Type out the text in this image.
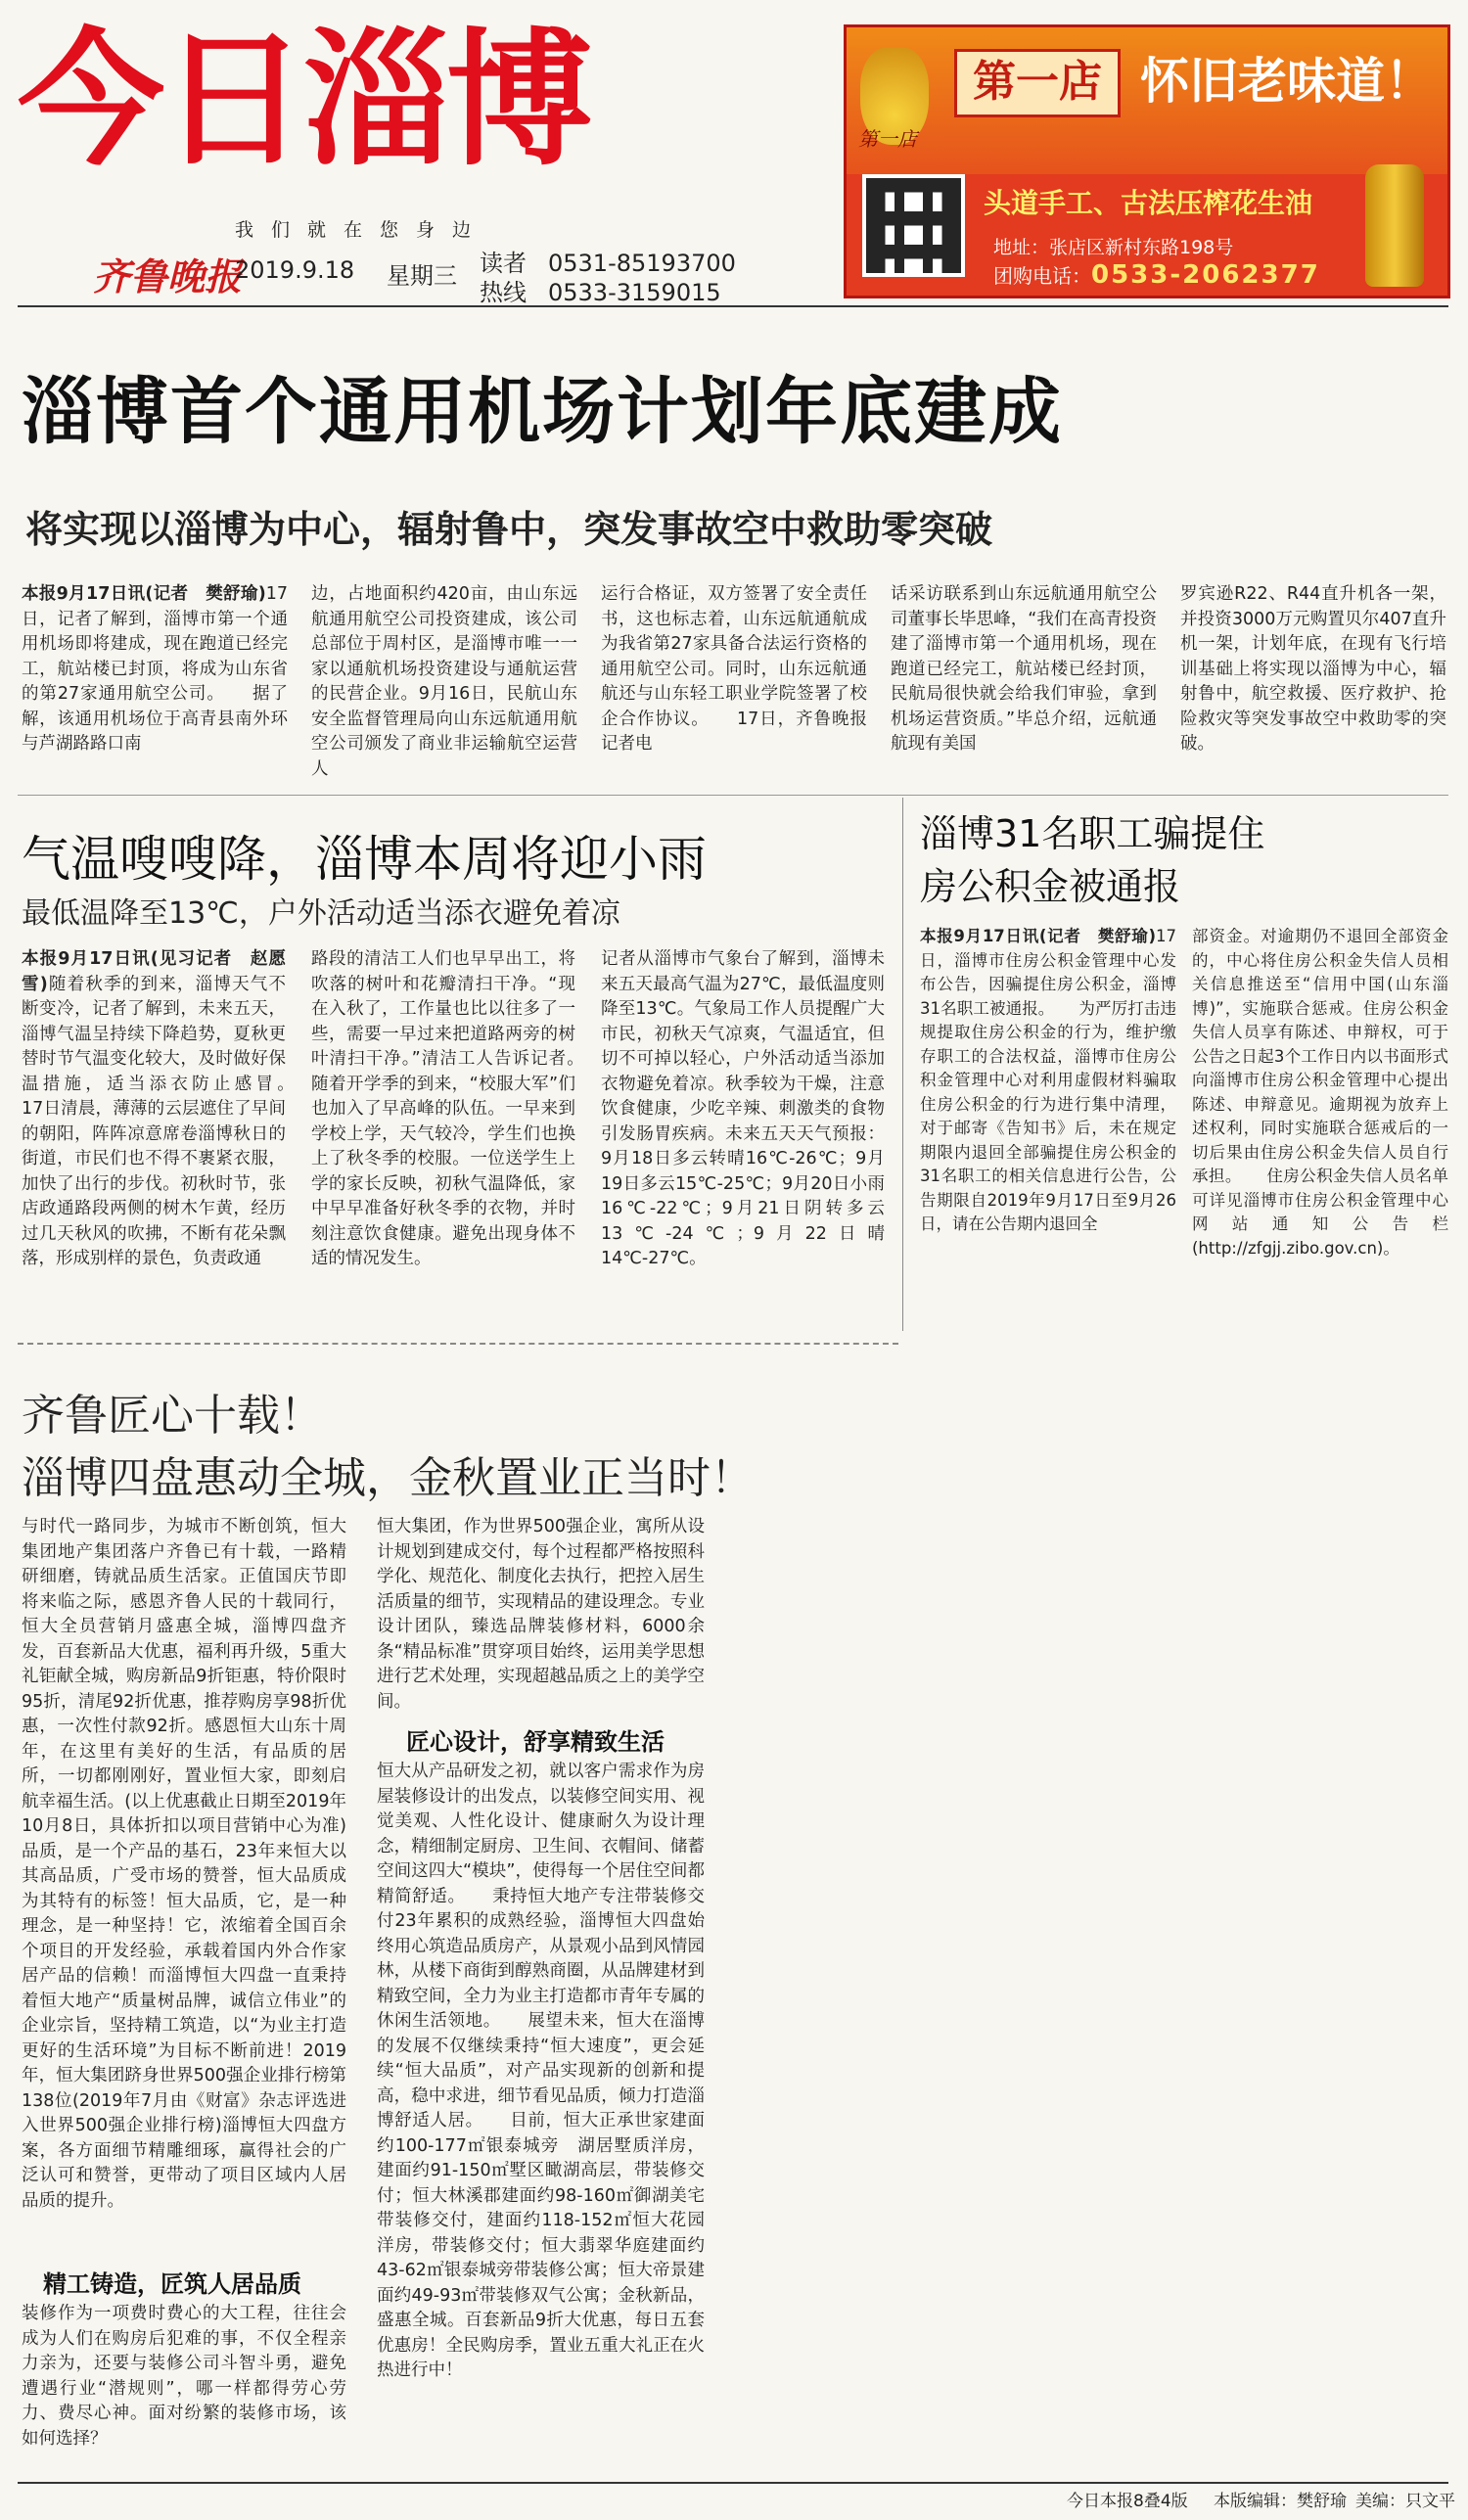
今日淄博
我们就在您身边
齐鲁晚报
2019.9.18 星期三 读者热线
0531-85193700
0533-3159015
第一店
第一店 怀旧老味道！
头道手工、古法压榨花生油
地址：张店区新村东路198号
团购电话：0533-2062377
淄博首个通用机场计划年底建成
将实现以淄博为中心，辐射鲁中，突发事故空中救助零突破
本报9月17日讯(记者　樊舒瑜)17日，记者了解到，淄博市第一个通用机场即将建成，现在跑道已经完工，航站楼已封顶，将成为山东省的第27家通用航空公司。　　据了解，该通用机场位于高青县南外环与芦湖路路口南
边，占地面积约420亩，由山东远航通用航空公司投资建成，该公司总部位于周村区，是淄博市唯一一家以通航机场投资建设与通航运营的民营企业。9月16日，民航山东安全监督管理局向山东远航通用航空公司颁发了商业非运输航空运营人
运行合格证，双方签署了安全责任书，这也标志着，山东远航通航成为我省第27家具备合法运行资格的通用航空公司。同时，山东远航通航还与山东轻工职业学院签署了校企合作协议。　　17日，齐鲁晚报记者电
话采访联系到山东远航通用航空公司董事长毕思峰，“我们在高青投资建了淄博市第一个通用机场，现在跑道已经完工，航站楼已经封顶，民航局很快就会给我们审验，拿到机场运营资质。”毕总介绍，远航通航现有美国
罗宾逊R22、R44直升机各一架，并投资3000万元购置贝尔407直升机一架，计划年底，在现有飞行培训基础上将实现以淄博为中心，辐射鲁中，航空救援、医疗救护、抢险救灾等突发事故空中救助零的突破。
气温嗖嗖降，淄博本周将迎小雨
最低温降至13℃，户外活动适当添衣避免着凉
本报9月17日讯(见习记者　赵愿雪)随着秋季的到来，淄博天气不断变冷，记者了解到，未来五天，淄博气温呈持续下降趋势，夏秋更替时节气温变化较大，及时做好保温措施，适当添衣防止感冒。　　17日清晨，薄薄的云层遮住了早间的朝阳，阵阵凉意席卷淄博秋日的街道，市民们也不得不裹紧衣服，加快了出行的步伐。初秋时节，张店政通路段两侧的树木乍黄，经历过几天秋风的吹拂，不断有花朵飘落，形成别样的景色，负责政通
路段的清洁工人们也早早出工，将吹落的树叶和花瓣清扫干净。“现在入秋了，工作量也比以往多了一些，需要一早过来把道路两旁的树叶清扫干净。”清洁工人告诉记者。　　随着开学季的到来，“校服大军”们也加入了早高峰的队伍。一早来到学校上学，天气较冷，学生们也换上了秋冬季的校服。一位送学生上学的家长反映，初秋气温降低，家中早早准备好秋冬季的衣物，并时刻注意饮食健康。避免出现身体不适的情况发生。
记者从淄博市气象台了解到，淄博未来五天最高气温为27℃，最低温度则降至13℃。气象局工作人员提醒广大市民，初秋天气凉爽，气温适宜，但切不可掉以轻心，户外活动适当添加衣物避免着凉。秋季较为干燥，注意饮食健康，少吃辛辣、刺激类的食物引发肠胃疾病。未来五天天气预报：9月18日多云转晴16℃-26℃；9月19日多云15℃-25℃；9月20日小雨16℃-22℃；9月21日阴转多云13℃-24℃；9月22日晴14℃-27℃。
淄博31名职工骗提住房公积金被通报
本报9月17日讯(记者　樊舒瑜)17日，淄博市住房公积金管理中心发布公告，因骗提住房公积金，淄博31名职工被通报。　　为严厉打击违规提取住房公积金的行为，维护缴存职工的合法权益，淄博市住房公积金管理中心对利用虚假材料骗取住房公积金的行为进行集中清理，对于邮寄《告知书》后，未在规定期限内退回全部骗提住房公积金的31名职工的相关信息进行公告，公告期限自2019年9月17日至9月26日，请在公告期内退回全
部资金。对逾期仍不退回全部资金的，中心将住房公积金失信人员相关信息推送至“信用中国(山东淄博)”，实施联合惩戒。住房公积金失信人员享有陈述、申辩权，可于公告之日起3个工作日内以书面形式向淄博市住房公积金管理中心提出陈述、申辩意见。逾期视为放弃上述权利，同时实施联合惩戒后的一切后果由住房公积金失信人员自行承担。　　住房公积金失信人员名单可详见淄博市住房公积金管理中心网站通知公告栏(http://zfgjj.zibo.gov.cn)。
齐鲁匠心十载！
淄博四盘惠动全城，金秋置业正当时！
与时代一路同步，为城市不断创筑，恒大集团地产集团落户齐鲁已有十载，一路精研细磨，铸就品质生活家。正值国庆节即将来临之际，感恩齐鲁人民的十载同行，恒大全员营销月盛惠全城，淄博四盘齐发，百套新品大优惠，福利再升级，5重大礼钜献全城，购房新品9折钜惠，特价限时95折，清尾92折优惠，推荐购房享98折优惠，一次性付款92折。感恩恒大山东十周年，在这里有美好的生活，有品质的居所，一切都刚刚好，置业恒大家，即刻启航幸福生活。(以上优惠截止日期至2019年10月8日，具体折扣以项目营销中心为准)　　品质，是一个产品的基石，23年来恒大以其高品质，广受市场的赞誉，恒大品质成为其特有的标签！恒大品质，它，是一种理念，是一种坚持！它，浓缩着全国百余个项目的开发经验，承载着国内外合作家居产品的信赖！而淄博恒大四盘一直秉持着恒大地产“质量树品牌，诚信立伟业”的企业宗旨，坚持精工筑造，以“为业主打造更好的生活环境”为目标不断前进！2019年，恒大集团跻身世界500强企业排行榜第138位(2019年7月由《财富》杂志评选进入世界500强企业排行榜)淄博恒大四盘方案，各方面细节精雕细琢，赢得社会的广泛认可和赞誉，更带动了项目区域内人居品质的提升。
精工铸造，匠筑人居品质
装修作为一项费时费心的大工程，往往会成为人们在购房后犯难的事，不仅全程亲力亲为，还要与装修公司斗智斗勇，避免遭遇行业“潜规则”，哪一样都得劳心劳力、费尽心神。面对纷繁的装修市场，该如何选择？
恒大集团，作为世界500强企业，寓所从设计规划到建成交付，每个过程都严格按照科学化、规范化、制度化去执行，把控入居生活质量的细节，实现精品的建设理念。专业设计团队，臻选品牌装修材料，6000余条“精品标准”贯穿项目始终，运用美学思想进行艺术处理，实现超越品质之上的美学空间。
匠心设计，舒享精致生活
恒大从产品研发之初，就以客户需求作为房屋装修设计的出发点，以装修空间实用、视觉美观、人性化设计、健康耐久为设计理念，精细制定厨房、卫生间、衣帽间、储蓄空间这四大“模块”，使得每一个居住空间都精简舒适。　　秉持恒大地产专注带装修交付23年累积的成熟经验，淄博恒大四盘始终用心筑造品质房产，从景观小品到风情园林，从楼下商街到醇熟商圈，从品牌建材到精致空间，全力为业主打造都市青年专属的休闲生活领地。　　展望未来，恒大在淄博的发展不仅继续秉持“恒大速度”，更会延续“恒大品质”，对产品实现新的创新和提高，稳中求进，细节看见品质，倾力打造淄博舒适人居。　　目前，恒大正承世家建面约100-177㎡银泰城旁　湖居墅质洋房，建面约91-150㎡墅区瞰湖高层，带装修交付；恒大林溪郡建面约98-160㎡御湖美宅　带装修交付，建面约118-152㎡恒大花园洋房，带装修交付；恒大翡翠华庭建面约43-62㎡银泰城旁带装修公寓；恒大帝景建面约49-93㎡带装修双气公寓；金秋新品，盛惠全城。百套新品9折大优惠，每日五套优惠房！全民购房季，置业五重大礼正在火热进行中！
今日本报8叠4版 本版编辑：樊舒瑜 美编：只文平
